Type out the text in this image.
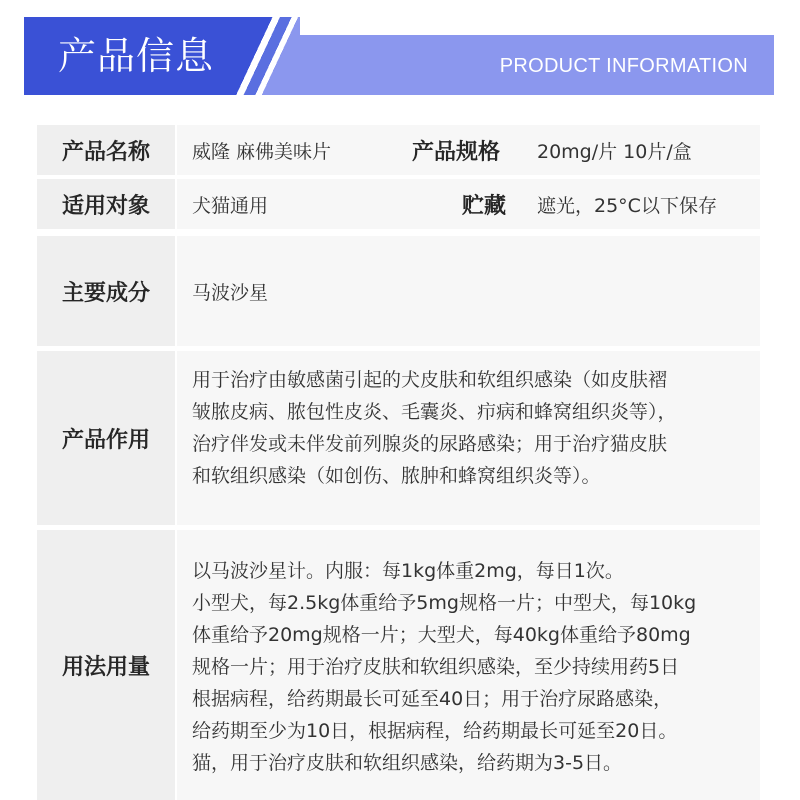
产品信息	PRODUCT INFORMATION
产品名称	威隆 麻佛美味片	产品规格 20mg/片 10片/盒
适用对象	犬猫通用	贮藏 遮光，25°C以下保存
主要成分	马波沙星
产品作用

用于治疗由敏感菌引起的犬皮肤和软组织感染（如皮肤褶

皱脓皮病、脓包性皮炎、毛囊炎、疖病和蜂窝组织炎等），

治疗伴发或未伴发前列腺炎的尿路感染；用于治疗猫皮肤

和软组织感染（如创伤、脓肿和蜂窝组织炎等）。

用法用量

以马波沙星计。内服：每1kg体重2mg，每日1次。

小型犬，每2.5kg体重给予5mg规格一片；中型犬，每10kg

体重给予20mg规格一片；大型犬，每40kg体重给予80mg

规格一片；用于治疗皮肤和软组织感染，至少持续用药5日

根据病程，给药期最长可延至40日；用于治疗尿路感染，

给药期至少为10日，根据病程，给药期最长可延至20日。

猫，用于治疗皮肤和软组织感染，给药期为3-5日。
